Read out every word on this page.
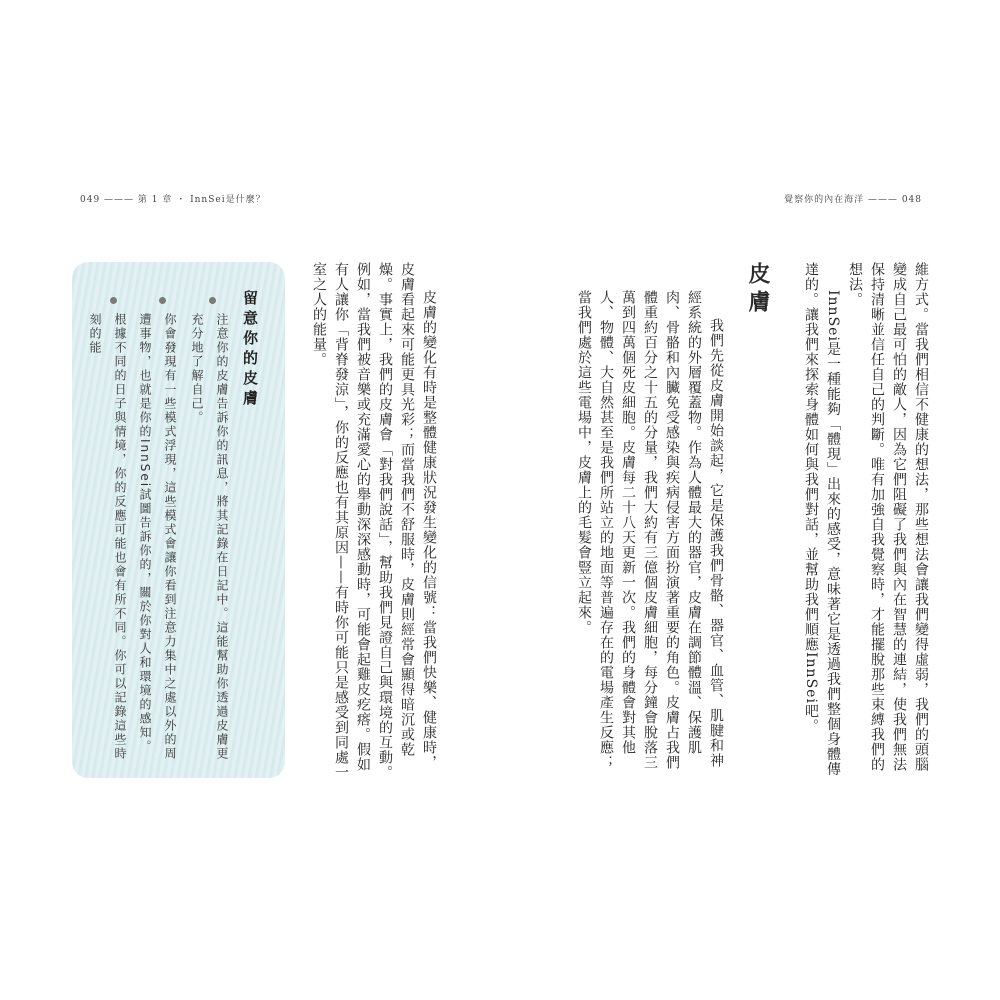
049 ——— 第 1 章 ・ InnSei是什麼？	覺察你的內在海洋 ——— 048
維方式。當我們相信不健康的想法，那些想法會讓我們變得虛弱，我們的頭腦變成自己最可怕的敵人，因為它們阻礙了我們與內在智慧的連結，使我們無法保持清晰並信任自己的判斷。唯有加強自我覺察時，才能擺脫那些束縛我們的想法。
InnSei是一種能夠「體現」出來的感受，意味著它是透過我們整個身體傳達的。讓我們來探索身體如何與我們對話，並幫助我們順應InnSei吧。
皮膚
我們先從皮膚開始談起，它是保護我們骨骼、器官、血管、肌腱和神經系統的外層覆蓋物。作為人體最大的器官，皮膚在調節體溫、保護肌肉、骨骼和內臟免受感染與疾病侵害方面扮演著重要的角色。皮膚占我們體重約百分之十五的分量，我們大約有三億個皮膚細胞，每分鐘會脫落三萬到四萬個死皮細胞。皮膚每二十八天更新一次。我們的身體會對其他人、物體、大自然甚至是我們所站立的地面等普遍存在的電場產生反應；當我們處於這些電場中，皮膚上的毛髮會豎立起來。
皮膚的變化有時是整體健康狀況發生變化的信號：當我們快樂、健康時，皮膚看起來可能更具光彩；而當我們不舒服時，皮膚則經常會顯得暗沉或乾燥。事實上，我們的皮膚會「對我們說話」，幫助我們見證自己與環境的互動。例如，當我們被音樂或充滿愛心的舉動深深感動時，可能會起雞皮疙瘩。假如有人讓你「背脊發涼」，你的反應也有其原因——有時你可能只是感受到同處一室之人的能量。
留意你的皮膚
注意你的皮膚告訴你的訊息，將其記錄在日記中。這能幫助你透過皮膚更充分地了解自己。
你會發現有一些模式浮現，這些模式會讓你看到注意力集中之處以外的周遭事物，也就是你的InnSei試圖告訴你的，關於你對人和環境的感知。
根據不同的日子與情境，你的反應可能也會有所不同。你可以記錄這些時刻的能
